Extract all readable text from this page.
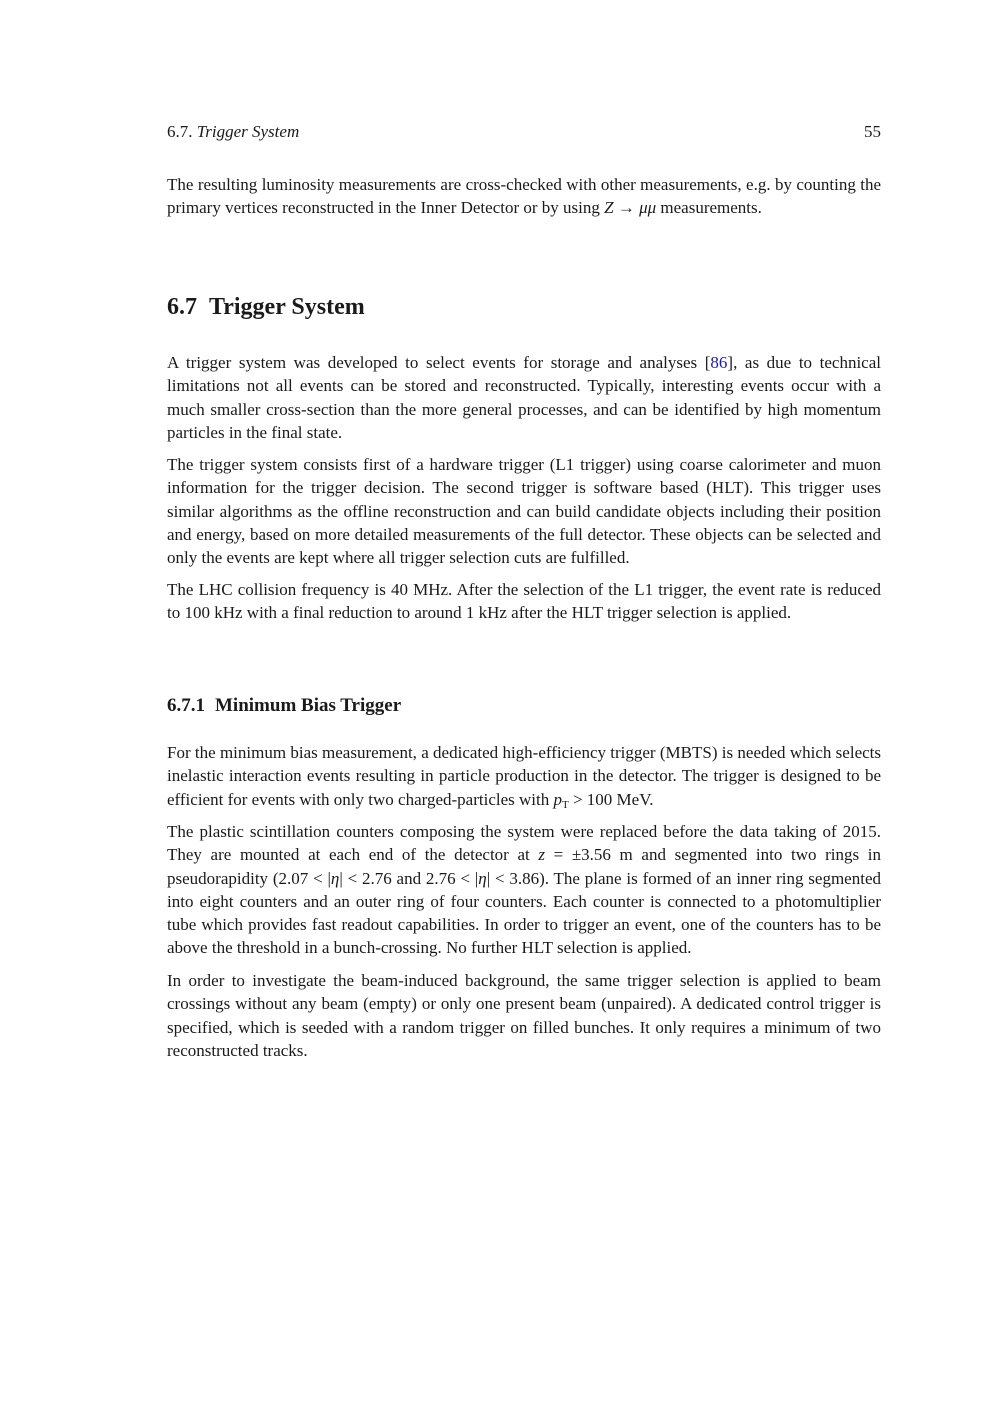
6.7. Trigger System	55

The resulting luminosity measurements are cross-checked with other measurements, e.g. by counting the primary vertices reconstructed in the Inner Detector or by using Z → μμ measurements.

6.7 Trigger System

A trigger system was developed to select events for storage and analyses [86], as due to technical limitations not all events can be stored and reconstructed. Typically, interesting events occur with a much smaller cross-section than the more general processes, and can be identified by high momentum particles in the final state.

The trigger system consists first of a hardware trigger (L1 trigger) using coarse calorimeter and muon information for the trigger decision. The second trigger is software based (HLT). This trigger uses similar algorithms as the offline reconstruction and can build candidate objects including their position and energy, based on more detailed measurements of the full detector. These objects can be selected and only the events are kept where all trigger selection cuts are fulfilled.

The LHC collision frequency is 40 MHz. After the selection of the L1 trigger, the event rate is reduced to 100 kHz with a final reduction to around 1 kHz after the HLT trigger selection is applied.

6.7.1 Minimum Bias Trigger

For the minimum bias measurement, a dedicated high-efficiency trigger (MBTS) is needed which selects inelastic interaction events resulting in particle production in the detector. The trigger is designed to be efficient for events with only two charged-particles with $p_T > 100$ MeV.

The plastic scintillation counters composing the system were replaced before the data taking of 2015. They are mounted at each end of the detector at z = ±3.56 m and segmented into two rings in pseudorapidity (2.07 < |η| < 2.76 and 2.76 < |η| < 3.86). The plane is formed of an inner ring segmented into eight counters and an outer ring of four counters. Each counter is connected to a photomultiplier tube which provides fast readout capabilities. In order to trigger an event, one of the counters has to be above the threshold in a bunch-crossing. No further HLT selection is applied.

In order to investigate the beam-induced background, the same trigger selection is applied to beam crossings without any beam (empty) or only one present beam (unpaired). A dedicated control trigger is specified, which is seeded with a random trigger on filled bunches. It only requires a minimum of two reconstructed tracks.
